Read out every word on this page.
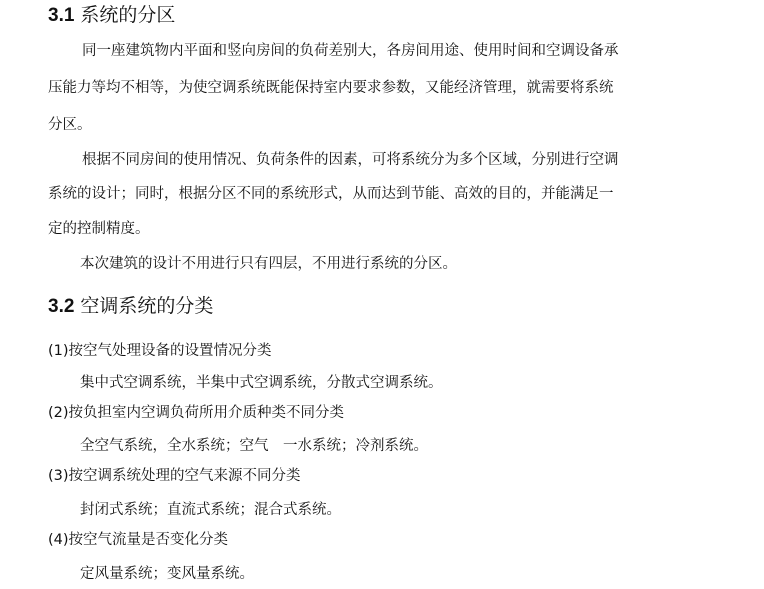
3.1 系统的分区
同一座建筑物内平面和竖向房间的负荷差别大，各房间用途、使用时间和空调设备承
压能力等均不相等，为使空调系统既能保持室内要求参数，又能经济管理，就需要将系统
分区。
根据不同房间的使用情况、负荷条件的因素，可将系统分为多个区域，分别进行空调
系统的设计；同时，根据分区不同的系统形式，从而达到节能、高效的目的，并能满足一
定的控制精度。
本次建筑的设计不用进行只有四层，不用进行系统的分区。
3.2 空调系统的分类
(1)按空气处理设备的设置情况分类
集中式空调系统，半集中式空调系统，分散式空调系统。
(2)按负担室内空调负荷所用介质种类不同分类
全空气系统，全水系统；空气　一水系统；冷剂系统。
(3)按空调系统处理的空气来源不同分类
封闭式系统；直流式系统；混合式系统。
(4)按空气流量是否变化分类
定风量系统；变风量系统。
